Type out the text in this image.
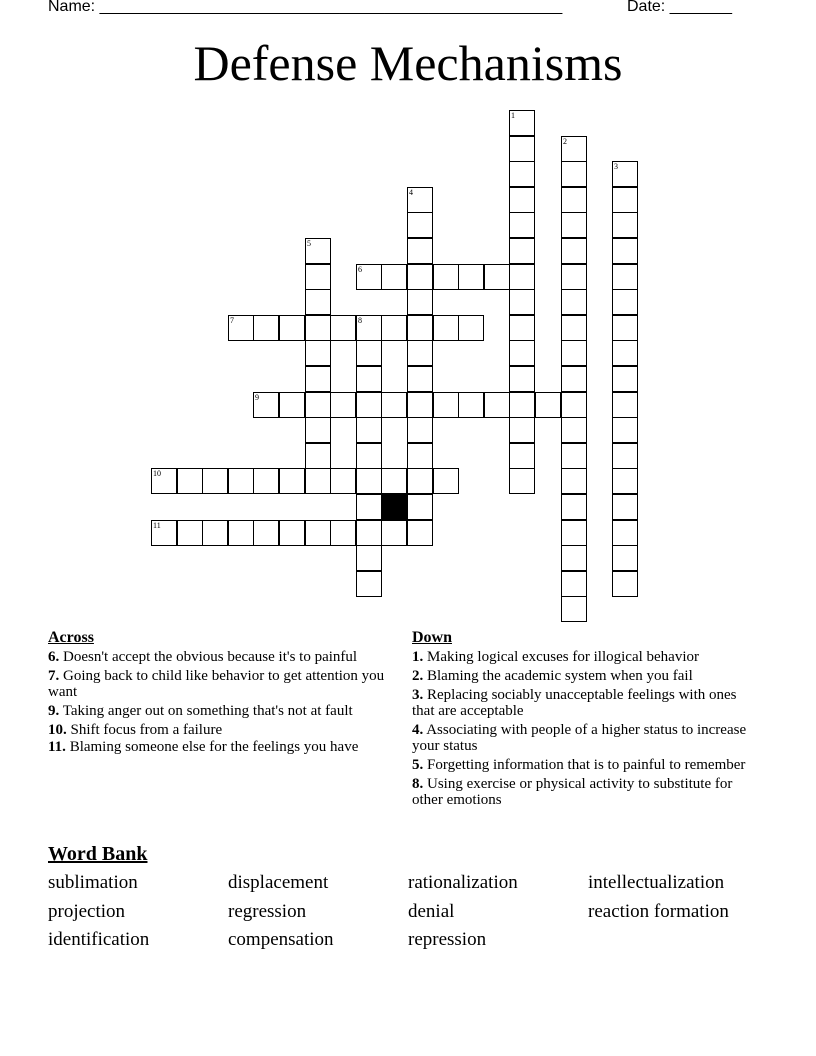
Name: ____________________________________________________	Date: _______
Defense Mechanisms
1
2
3
4
5
6
7	8
9
10
11
Across
6. Doesn't accept the obvious because it's to painful
7. Going back to child like behavior to get attention you want
9. Taking anger out on something that's not at fault
10. Shift focus from a failure
11. Blaming someone else for the feelings you have
Down
1. Making logical excuses for illogical behavior
2. Blaming the academic system when you fail
3. Replacing sociably unacceptable feelings with ones that are acceptable
4. Associating with people of a higher status to increase your status
5. Forgetting information that is to painful to remember
8. Using exercise or physical activity to substitute for other emotions
Word Bank
sublimation	displacement	rationalization	intellectualization
projection	regression	denial	reaction formation
identification	compensation	repression
